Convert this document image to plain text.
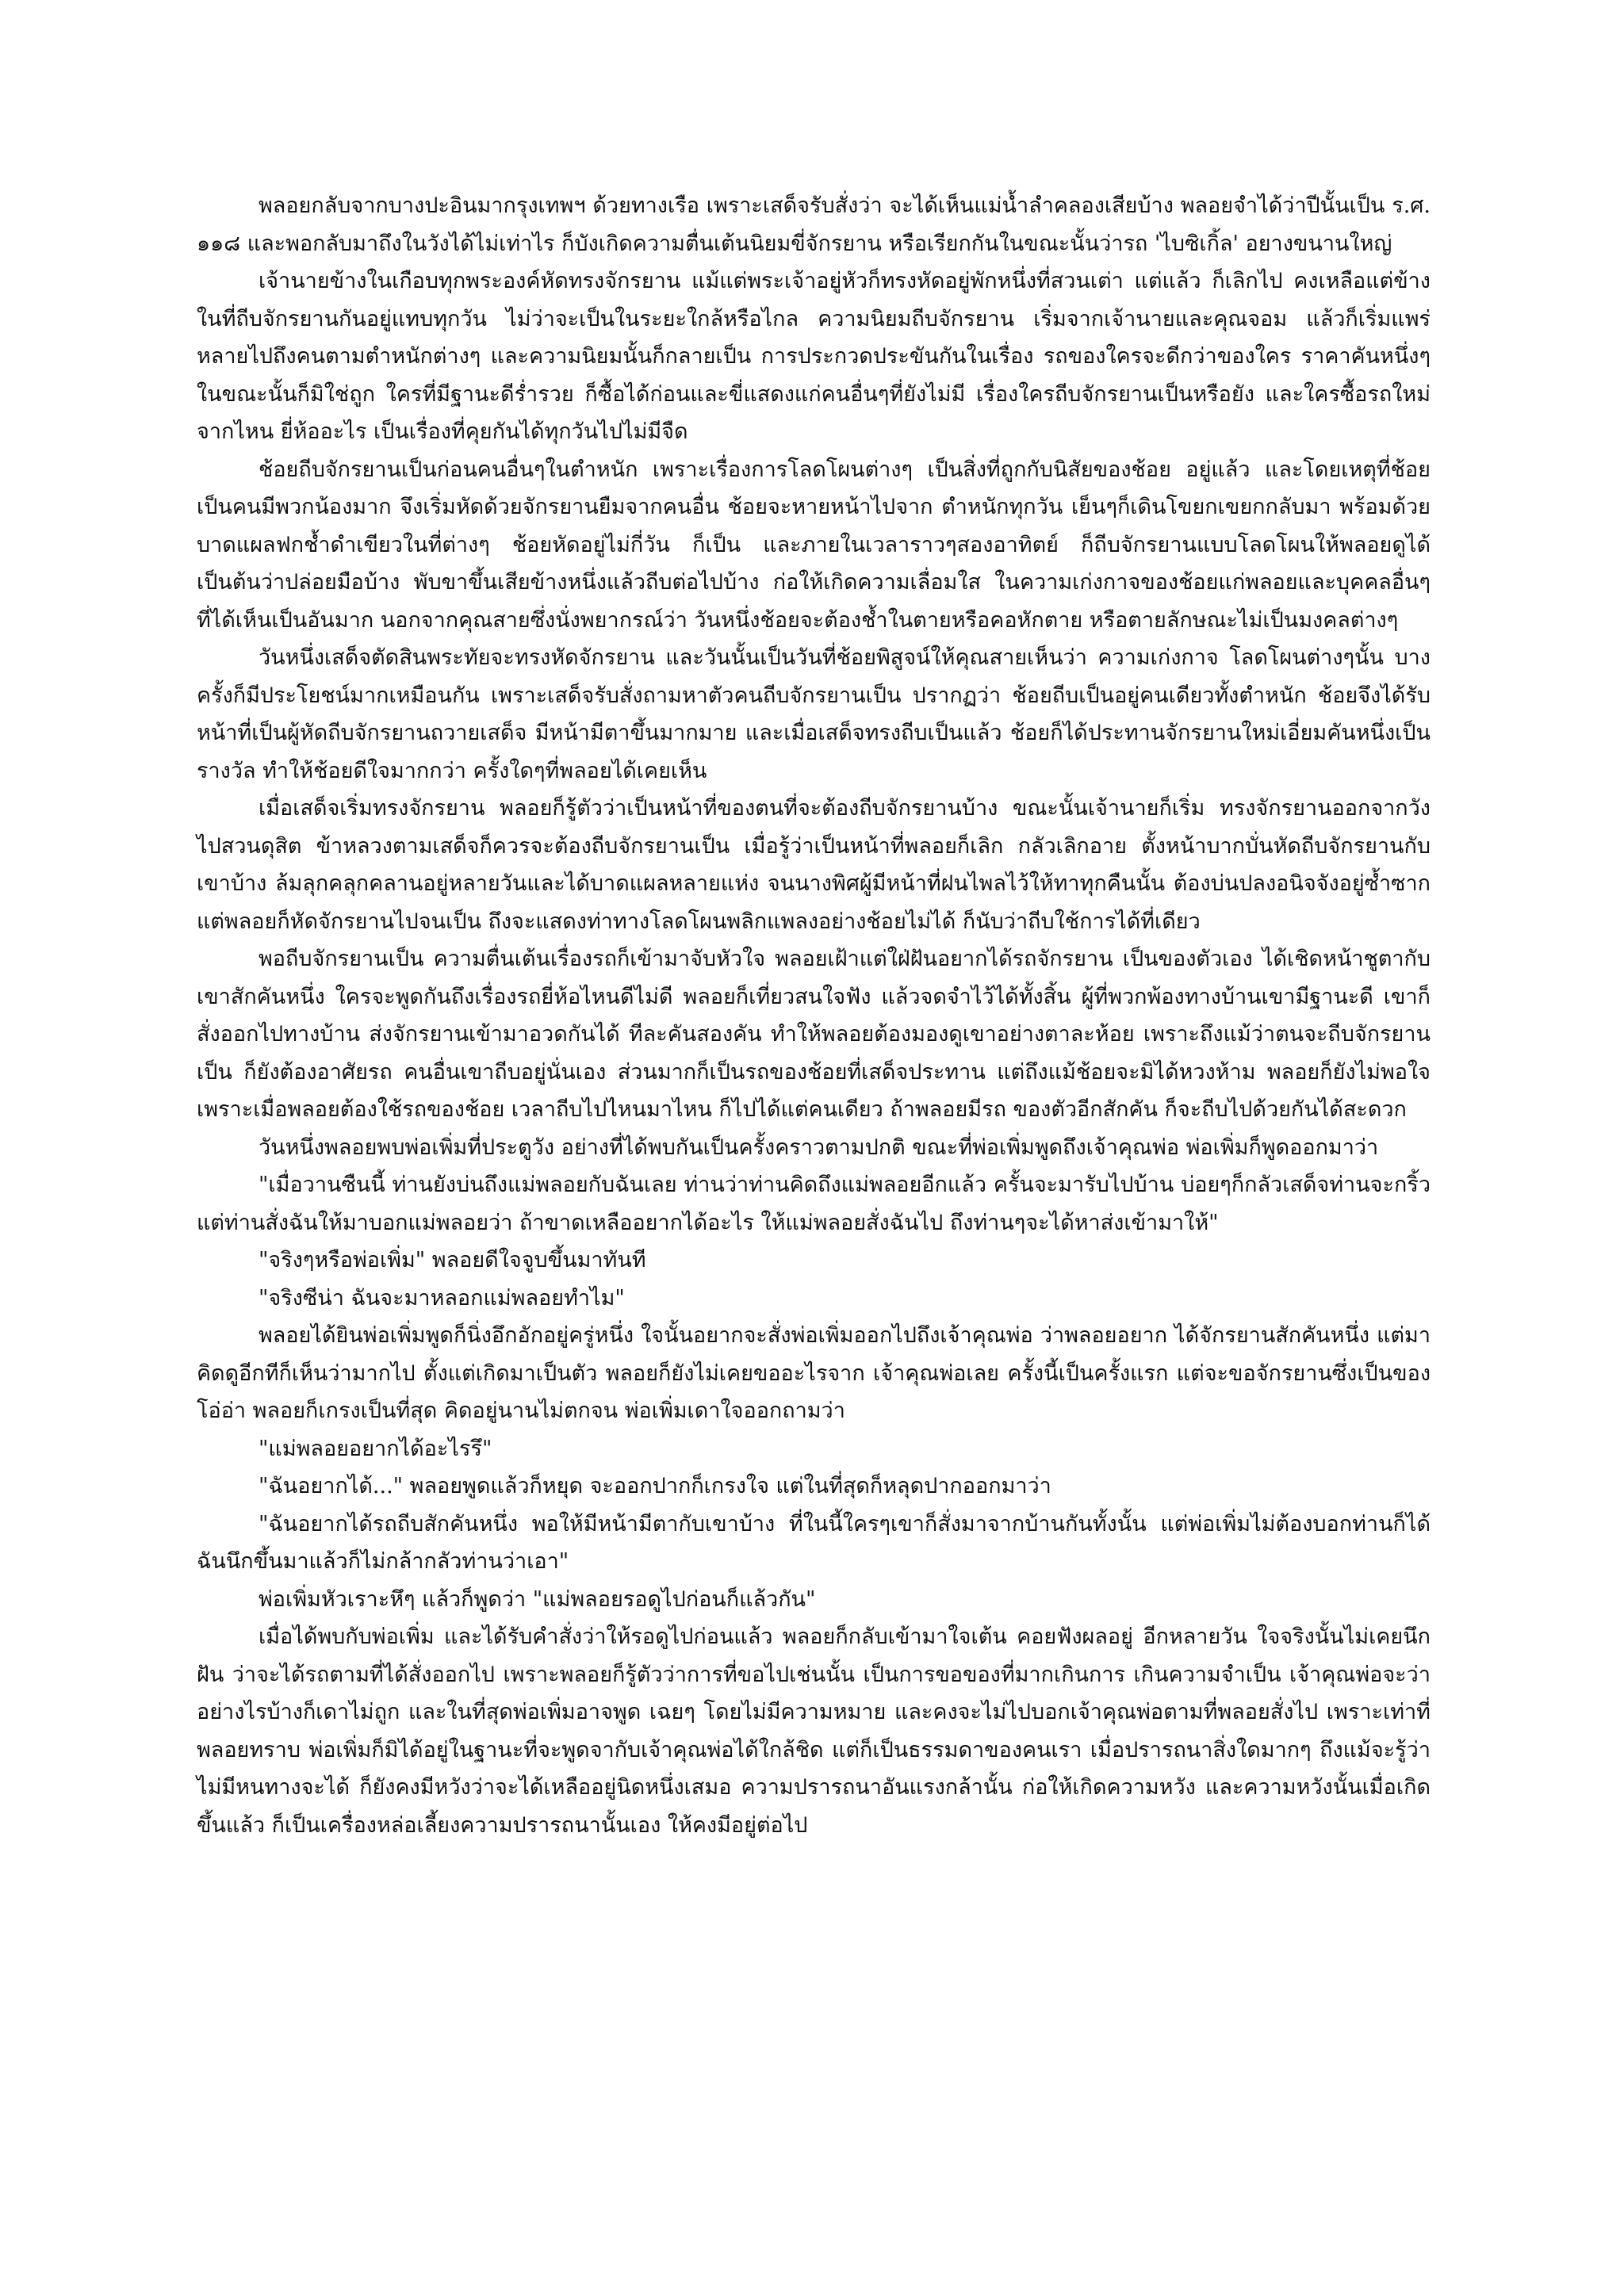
พลอยกลับจากบางปะอินมากรุงเทพฯ ด้วยทางเรือ เพราะเสด็จรับสั่งว่า จะได้เห็นแม่น้ำลำคลองเสียบ้าง พลอยจำได้ว่าปีนั้นเป็น ร.ศ. ๑๑๘ และพอกลับมาถึงในวังได้ไม่เท่าไร ก็บังเกิดความตื่นเต้นนิยมขี่จักรยาน หรือเรียกกันในขณะนั้นว่ารถ 'ไบซิเกิ้ล' อยางขนานใหญ่

เจ้านายข้างในเกือบทุกพระองค์หัดทรงจักรยาน แม้แต่พระเจ้าอยู่หัวก็ทรงหัดอยู่พักหนึ่งที่สวนเต่า แต่แล้ว ก็เลิกไป คงเหลือแต่ข้างในที่ถีบจักรยานกันอยู่แทบทุกวัน ไม่ว่าจะเป็นในระยะใกล้หรือไกล ความนิยมถีบจักรยาน เริ่มจากเจ้านายและคุณจอม แล้วก็เริ่มแพร่หลายไปถึงคนตามตำหนักต่างๆ และความนิยมนั้นก็กลายเป็น การประกวดประขันกันในเรื่อง รถของใครจะดีกว่าของใคร ราคาคันหนึ่งๆในขณะนั้นก็มิใช่ถูก ใครที่มีฐานะดีร่ำรวย ก็ซื้อได้ก่อนและขี่แสดงแก่คนอื่นๆที่ยังไม่มี เรื่องใครถีบจักรยานเป็นหรือยัง และใครซื้อรถใหม่จากไหน ยี่ห้ออะไร เป็นเรื่องที่คุยกันได้ทุกวันไปไม่มีจืด

ช้อยถีบจักรยานเป็นก่อนคนอื่นๆในตำหนัก เพราะเรื่องการโลดโผนต่างๆ เป็นสิ่งที่ถูกกับนิสัยของช้อย อยู่แล้ว และโดยเหตุที่ช้อยเป็นคนมีพวกน้องมาก จึงเริ่มหัดด้วยจักรยานยืมจากคนอื่น ช้อยจะหายหน้าไปจาก ตำหนักทุกวัน เย็นๆก็เดินโขยกเขยกกลับมา พร้อมด้วยบาดแผลฟกช้ำดำเขียวในที่ต่างๆ ช้อยหัดอยู่ไม่กี่วัน ก็เป็น และภายในเวลาราวๆสองอาทิตย์ ก็ถีบจักรยานแบบโลดโผนให้พลอยดูได้ เป็นต้นว่าปล่อยมือบ้าง พับขาขึ้นเสียข้างหนึ่งแล้วถีบต่อไปบ้าง ก่อให้เกิดความเลื่อมใส ในความเก่งกาจของช้อยแก่พลอยและบุคคลอื่นๆ ที่ได้เห็นเป็นอันมาก นอกจากคุณสายซึ่งนั่งพยากรณ์ว่า วันหนึ่งช้อยจะต้องช้ำในตายหรือคอหักตาย หรือตายลักษณะไม่เป็นมงคลต่างๆ

วันหนึ่งเสด็จตัดสินพระทัยจะทรงหัดจักรยาน และวันนั้นเป็นวันที่ช้อยพิสูจน์ให้คุณสายเห็นว่า ความเก่งกาจ โลดโผนต่างๆนั้น บางครั้งก็มีประโยชน์มากเหมือนกัน เพราะเสด็จรับสั่งถามหาตัวคนถีบจักรยานเป็น ปรากฏว่า ช้อยถีบเป็นอยู่คนเดียวทั้งตำหนัก ช้อยจึงได้รับหน้าที่เป็นผู้หัดถีบจักรยานถวายเสด็จ มีหน้ามีตาขึ้นมากมาย และเมื่อเสด็จทรงถีบเป็นแล้ว ช้อยก็ได้ประทานจักรยานใหม่เอี่ยมคันหนึ่งเป็นรางวัล ทำให้ช้อยดีใจมากกว่า ครั้งใดๆที่พลอยได้เคยเห็น

เมื่อเสด็จเริ่มทรงจักรยาน พลอยก็รู้ตัวว่าเป็นหน้าที่ของตนที่จะต้องถีบจักรยานบ้าง ขณะนั้นเจ้านายก็เริ่ม ทรงจักรยานออกจากวังไปสวนดุสิต ข้าหลวงตามเสด็จก็ควรจะต้องถีบจักรยานเป็น เมื่อรู้ว่าเป็นหน้าที่พลอยก็เลิก กลัวเลิกอาย ตั้งหน้าบากบั่นหัดถีบจักรยานกับเขาบ้าง ล้มลุกคลุกคลานอยู่หลายวันและได้บาดแผลหลายแห่ง จนนางพิศผู้มีหน้าที่ฝนไพลไว้ให้ทาทุกคืนนั้น ต้องบ่นปลงอนิจจังอยู่ซ้ำซาก แต่พลอยก็หัดจักรยานไปจนเป็น ถึงจะแสดงท่าทางโลดโผนพลิกแพลงอย่างช้อยไม่ได้ ก็นับว่าถีบใช้การได้ที่เดียว

พอถีบจักรยานเป็น ความตื่นเต้นเรื่องรถก็เข้ามาจับหัวใจ พลอยเฝ้าแต่ใฝ่ฝันอยากได้รถจักรยาน เป็นของตัวเอง ได้เชิดหน้าชูตากับเขาสักคันหนึ่ง ใครจะพูดกันถึงเรื่องรถยี่ห้อไหนดีไม่ดี พลอยก็เที่ยวสนใจฟัง แล้วจดจำไว้ได้ทั้งสิ้น ผู้ที่พวกพ้องทางบ้านเขามีฐานะดี เขาก็สั่งออกไปทางบ้าน ส่งจักรยานเข้ามาอวดกันได้ ทีละคันสองคัน ทำให้พลอยต้องมองดูเขาอย่างตาละห้อย เพราะถึงแม้ว่าตนจะถีบจักรยานเป็น ก็ยังต้องอาศัยรถ คนอื่นเขาถีบอยู่นั่นเอง ส่วนมากก็เป็นรถของช้อยที่เสด็จประทาน แต่ถึงแม้ช้อยจะมิได้หวงห้าม พลอยก็ยังไม่พอใจ เพราะเมื่อพลอยต้องใช้รถของช้อย เวลาถีบไปไหนมาไหน ก็ไปได้แต่คนเดียว ถ้าพลอยมีรถ ของตัวอีกสักคัน ก็จะถีบไปด้วยกันได้สะดวก

วันหนึ่งพลอยพบพ่อเพิ่มที่ประตูวัง อย่างที่ได้พบกันเป็นครั้งคราวตามปกติ ขณะที่พ่อเพิ่มพูดถึงเจ้าคุณพ่อ พ่อเพิ่มก็พูดออกมาว่า

"เมื่อวานซืนนี้ ท่านยังบ่นถึงแม่พลอยกับฉันเลย ท่านว่าท่านคิดถึงแม่พลอยอีกแล้ว ครั้นจะมารับไปบ้าน บ่อยๆก็กลัวเสด็จท่านจะกริ้ว แต่ท่านสั่งฉันให้มาบอกแม่พลอยว่า ถ้าขาดเหลืออยากได้อะไร ให้แม่พลอยสั่งฉันไป ถึงท่านๆจะได้หาส่งเข้ามาให้"

"จริงๆหรือพ่อเพิ่ม" พลอยดีใจจูบขึ้นมาทันที

"จริงซีน่า ฉันจะมาหลอกแม่พลอยทำไม"

พลอยได้ยินพ่อเพิ่มพูดก็นิ่งอึกอักอยู่ครู่หนึ่ง ใจนั้นอยากจะสั่งพ่อเพิ่มออกไปถึงเจ้าคุณพ่อ ว่าพลอยอยาก ได้จักรยานสักคันหนึ่ง แต่มาคิดดูอีกทีก็เห็นว่ามากไป ตั้งแต่เกิดมาเป็นตัว พลอยก็ยังไม่เคยขออะไรจาก เจ้าคุณพ่อเลย ครั้งนี้เป็นครั้งแรก แต่จะขอจักรยานซึ่งเป็นของโอ่อ่า พลอยก็เกรงเป็นที่สุด คิดอยู่นานไม่ตกจน พ่อเพิ่มเดาใจออกถามว่า

"แม่พลอยอยากได้อะไรรึ"

"ฉันอยากได้..." พลอยพูดแล้วก็หยุด จะออกปากก็เกรงใจ แต่ในที่สุดก็หลุดปากออกมาว่า

"ฉันอยากได้รถถีบสักคันหนึ่ง พอให้มีหน้ามีตากับเขาบ้าง ที่ในนี้ใครๆเขาก็สั่งมาจากบ้านกันทั้งนั้น แต่พ่อเพิ่มไม่ต้องบอกท่านก็ได้ ฉันนึกขึ้นมาแล้วก็ไม่กล้ากลัวท่านว่าเอา"

พ่อเพิ่มหัวเราะหึๆ แล้วก็พูดว่า "แม่พลอยรอดูไปก่อนก็แล้วกัน"

เมื่อได้พบกับพ่อเพิ่ม และได้รับคำสั่งว่าให้รอดูไปก่อนแล้ว พลอยก็กลับเข้ามาใจเต้น คอยฟังผลอยู่ อีกหลายวัน ใจจริงนั้นไม่เคยนึกฝัน ว่าจะได้รถตามที่ได้สั่งออกไป เพราะพลอยก็รู้ตัวว่าการที่ขอไปเช่นนั้น เป็นการขอของที่มากเกินการ เกินความจำเป็น เจ้าคุณพ่อจะว่าอย่างไรบ้างก็เดาไม่ถูก และในที่สุดพ่อเพิ่มอาจพูด เฉยๆ โดยไม่มีความหมาย และคงจะไม่ไปบอกเจ้าคุณพ่อตามที่พลอยสั่งไป เพราะเท่าที่พลอยทราบ พ่อเพิ่มก็มิได้อยู่ในฐานะที่จะพูดจากับเจ้าคุณพ่อได้ใกล้ชิด แต่ก็เป็นธรรมดาของคนเรา เมื่อปรารถนาสิ่งใดมากๆ ถึงแม้จะรู้ว่าไม่มีหนทางจะได้ ก็ยังคงมีหวังว่าจะได้เหลืออยู่นิดหนึ่งเสมอ ความปรารถนาอันแรงกล้านั้น ก่อให้เกิดความหวัง และความหวังนั้นเมื่อเกิดขึ้นแล้ว ก็เป็นเครื่องหล่อเลี้ยงความปรารถนานั้นเอง ให้คงมีอยู่ต่อไป
